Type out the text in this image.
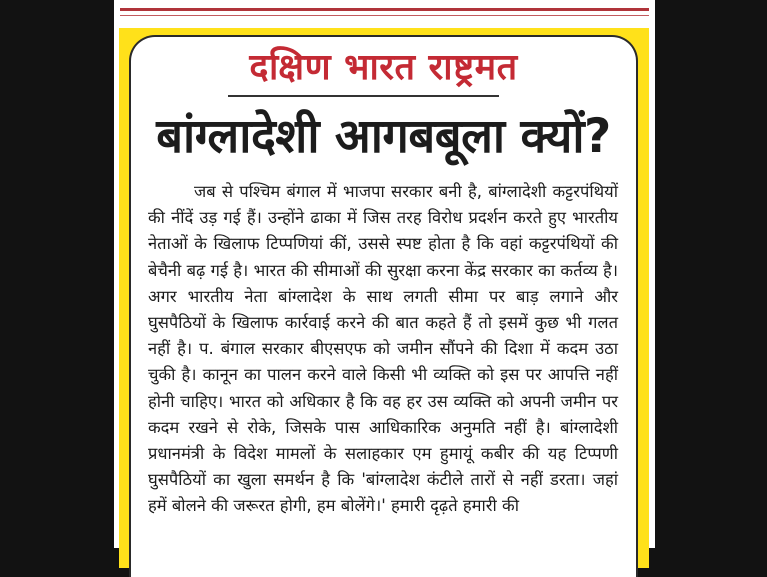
दक्षिण भारत राष्ट्रमत
बांग्लादेशी आगबबूला क्यों?

जब से पश्चिम बंगाल में भाजपा सरकार बनी है, बांग्लादेशी कट्टरपंथियों की नींदें उड़ गई हैं। उन्होंने ढाका में जिस तरह विरोध प्रदर्शन करते हुए भारतीय नेताओं के खिलाफ टिप्पणियां कीं, उससे स्पष्ट होता है कि वहां कट्टरपंथियों की बेचैनी बढ़ गई है। भारत की सीमाओं की सुरक्षा करना केंद्र सरकार का कर्तव्य है। अगर भारतीय नेता बांग्लादेश के साथ लगती सीमा पर बाड़ लगाने और घुसपैठियों के खिलाफ कार्रवाई करने की बात कहते हैं तो इसमें कुछ भी गलत नहीं है। प. बंगाल सरकार बीएसएफ को जमीन सौंपने की दिशा में कदम उठा चुकी है। कानून का पालन करने वाले किसी भी व्यक्ति को इस पर आपत्ति नहीं होनी चाहिए। भारत को अधिकार है कि वह हर उस व्यक्ति को अपनी जमीन पर कदम रखने से रोके, जिसके पास आधिकारिक अनुमति नहीं है। बांग्लादेशी प्रधानमंत्री के विदेश मामलों के सलाहकार एम हुमायूं कबीर की यह टिप्पणी घुसपैठियों का खुला समर्थन है कि 'बांग्लादेश कंटीले तारों से नहीं डरता। जहां हमें बोलने की जरूरत होगी, हम बोलेंगे।' हमारी दृढ़ते हमारी की
